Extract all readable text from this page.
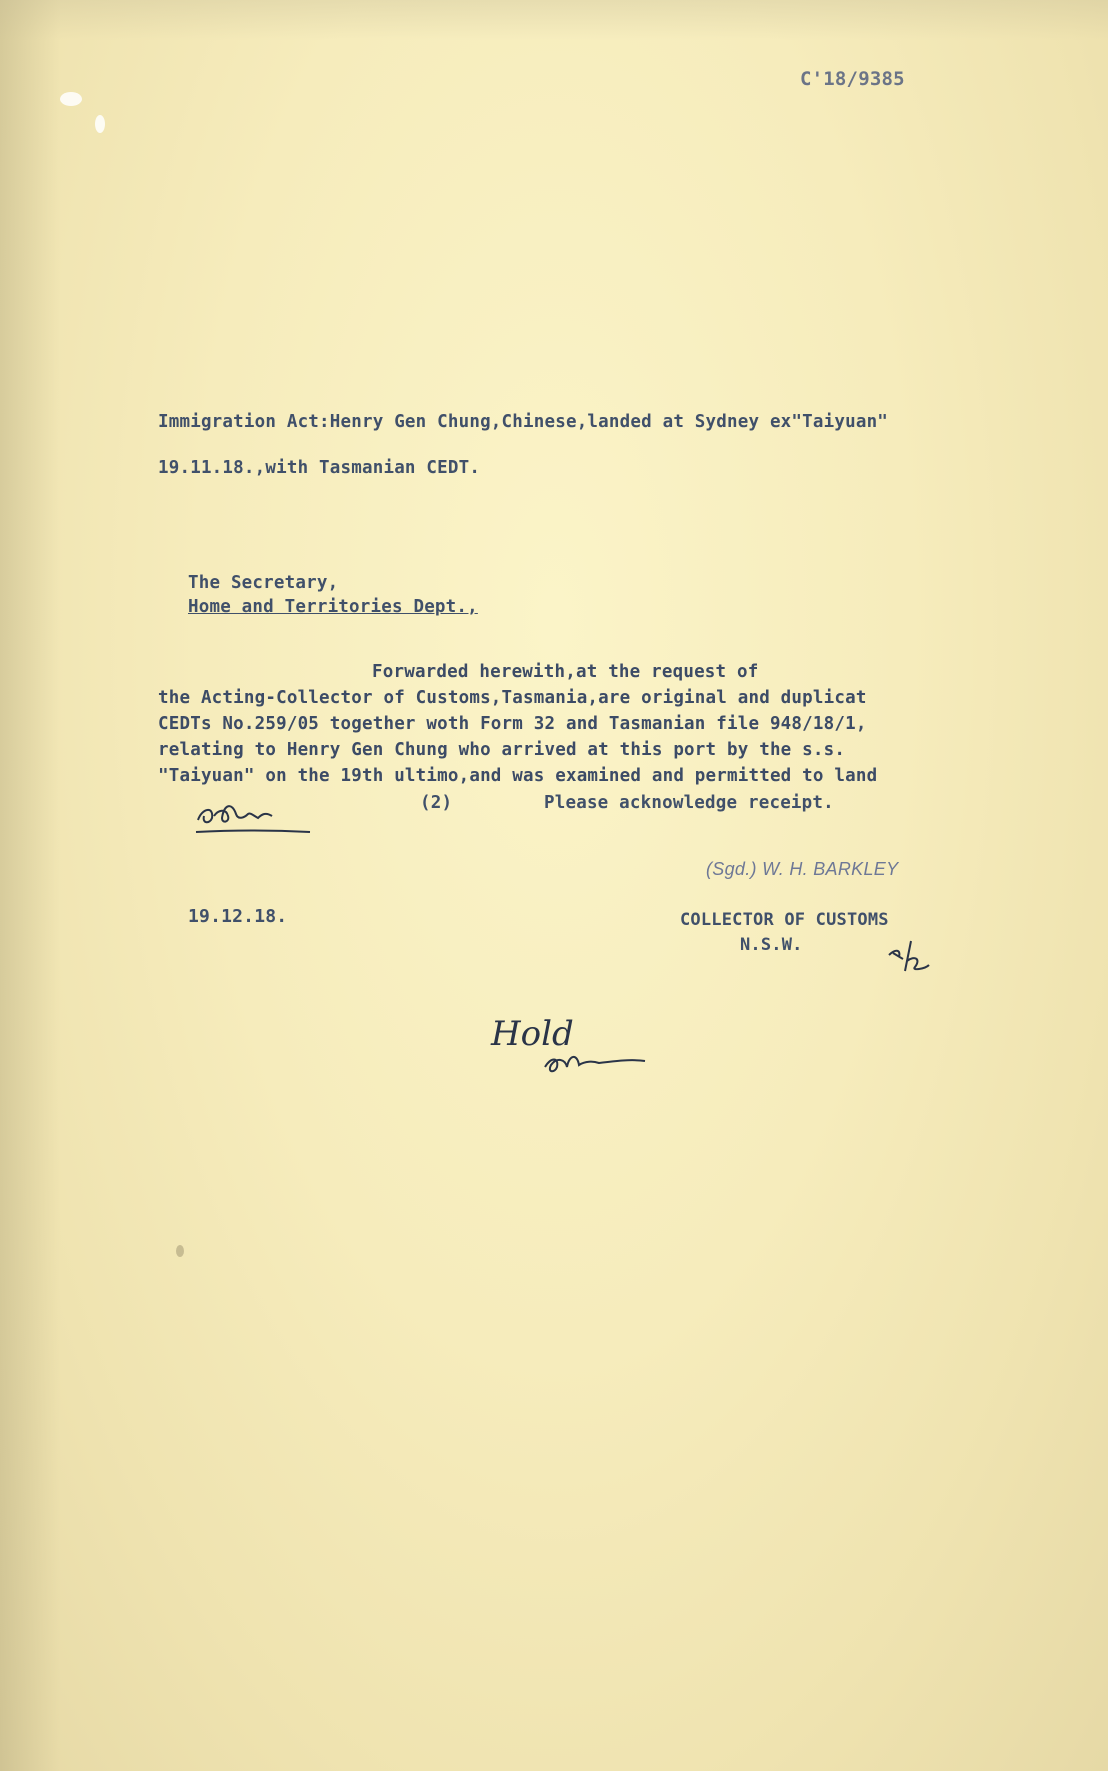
C'18/9385
Immigration Act:Henry Gen Chung,Chinese,landed at Sydney ex"Taiyuan"
19.11.18.,with Tasmanian CEDT.
The Secretary,
Home and Territories Dept.,
Forwarded herewith,at the request of
the Acting-Collector of Customs,Tasmania,are original and duplicat
CEDTs No.259/05 together woth Form 32 and Tasmanian file 948/18/1,
relating to Henry Gen Chung who arrived at this port by the s.s.
"Taiyuan" on the 19th ultimo,and was examined and permitted to land
(2)	Please acknowledge receipt.
(Sgd.) W. H. BARKLEY
19.12.18.	COLLECTOR OF CUSTOMS
N.S.W.
Hold
